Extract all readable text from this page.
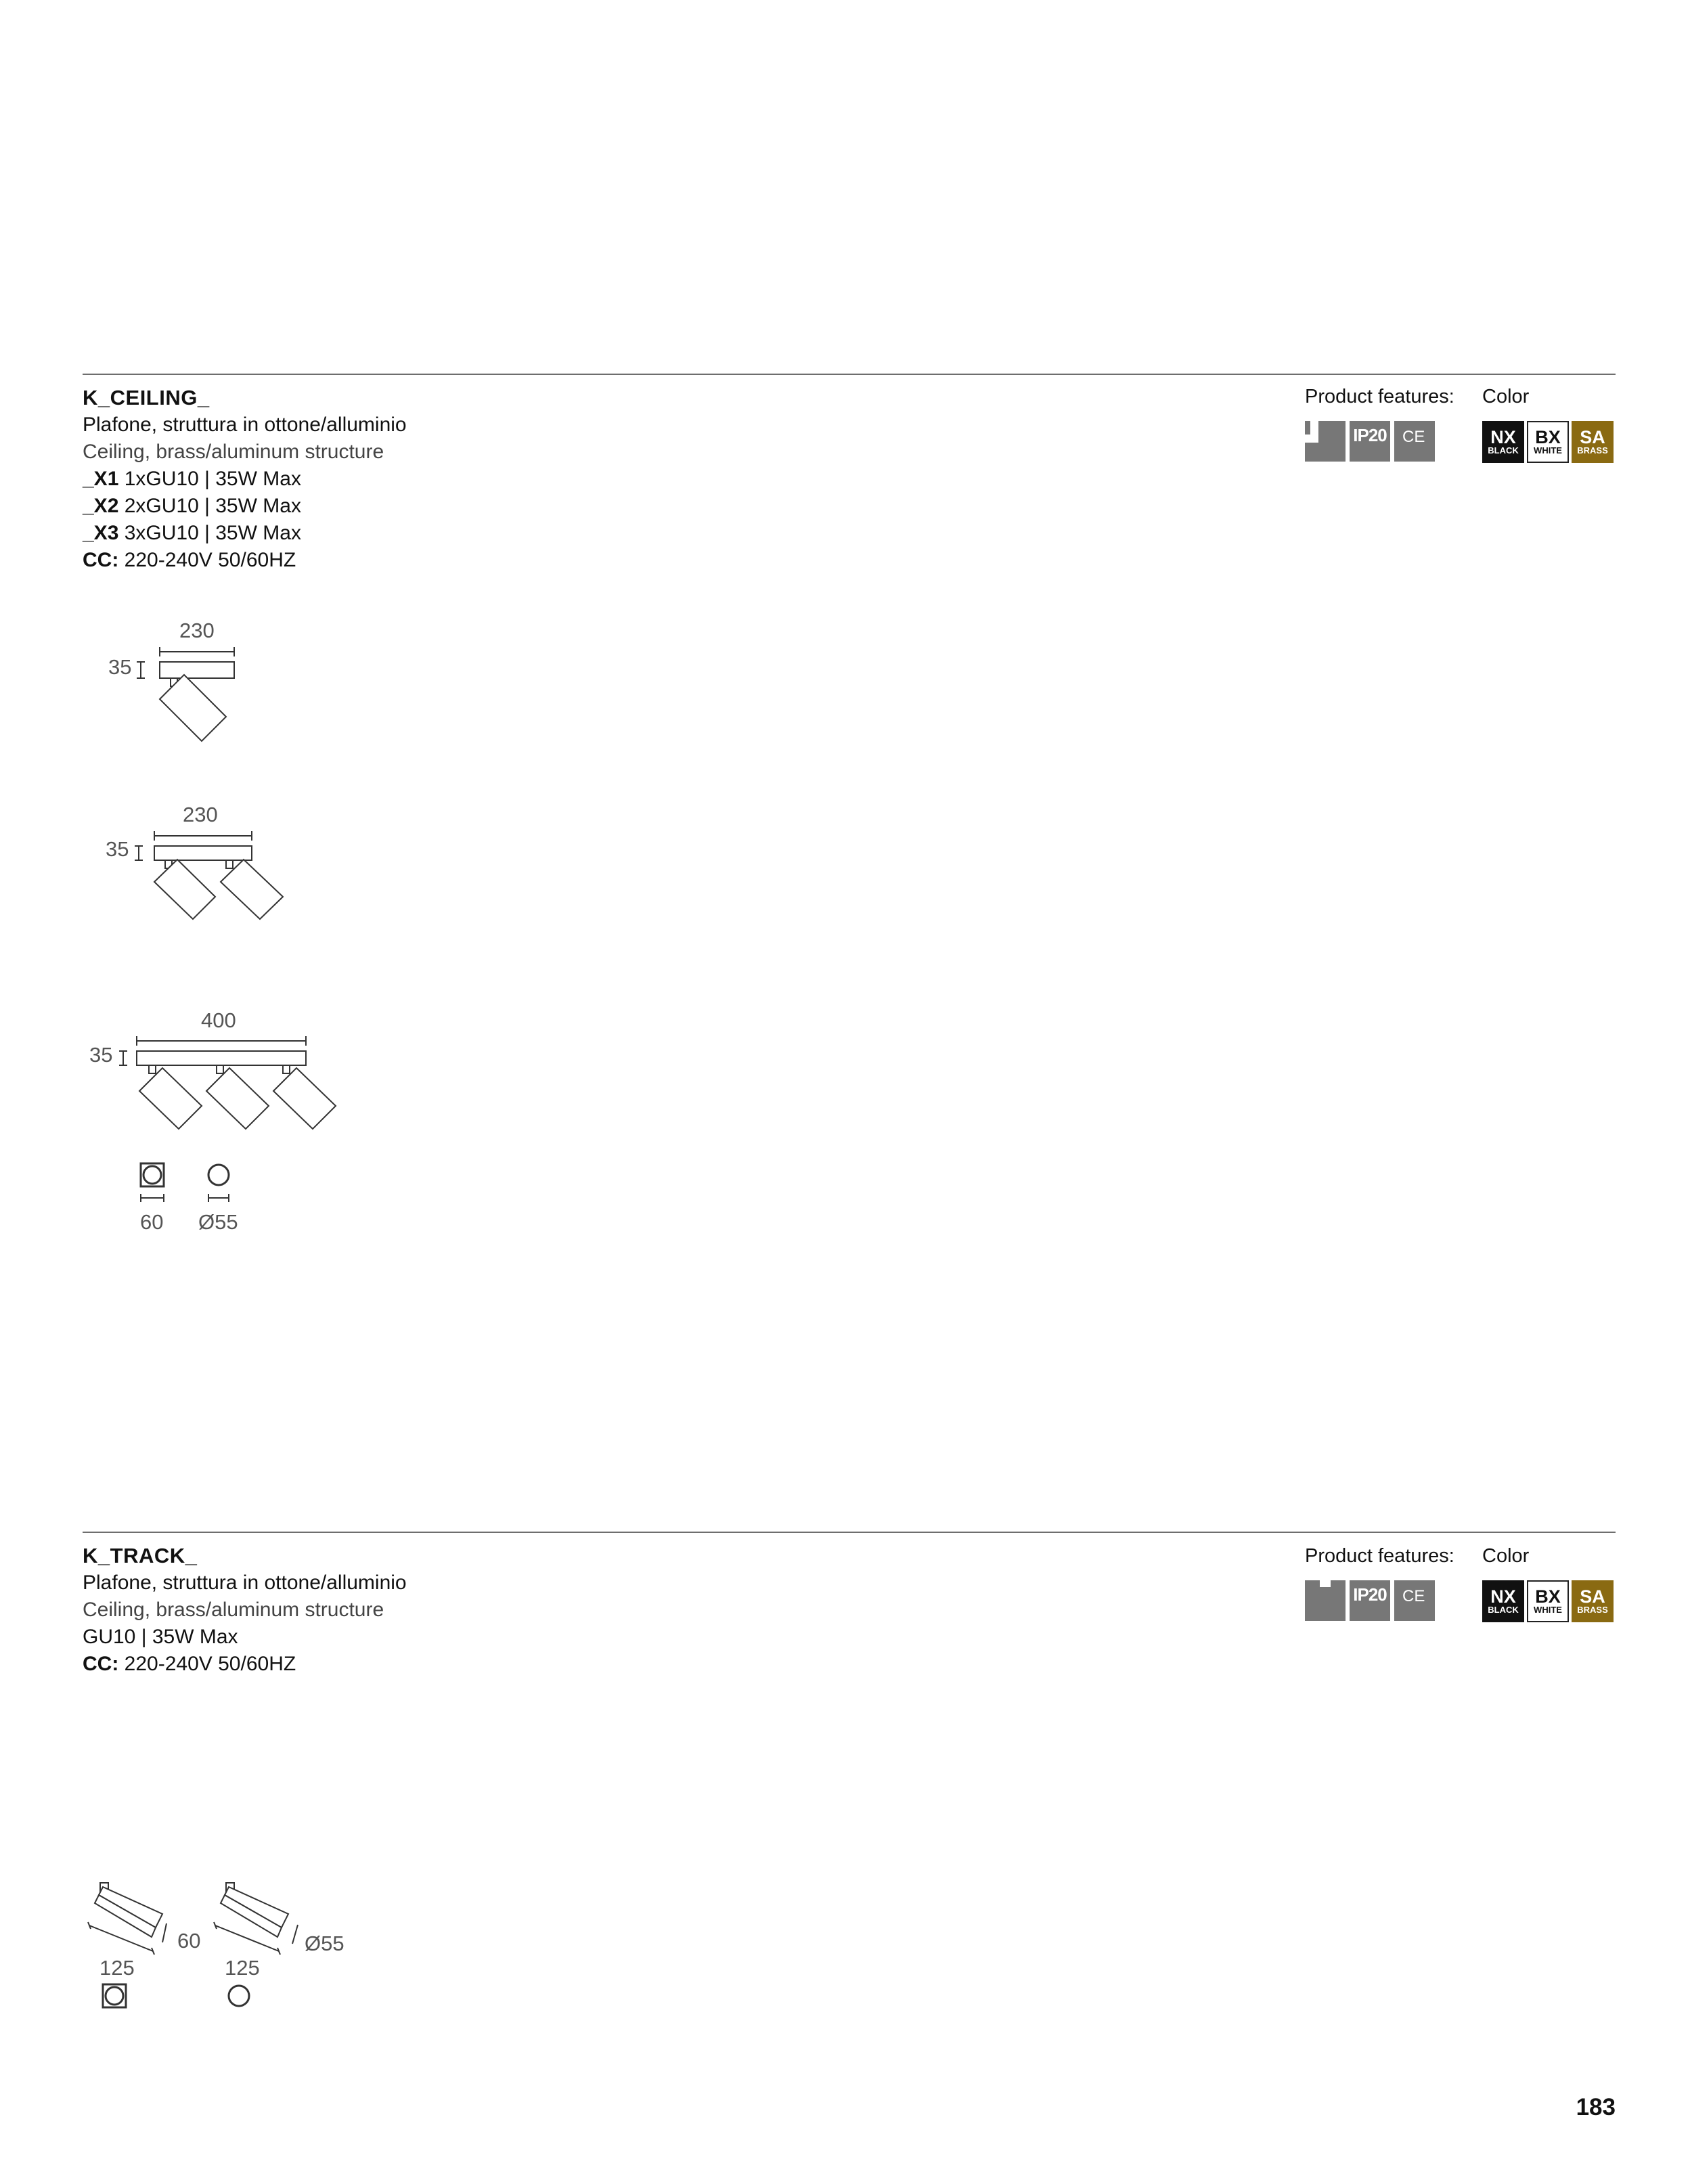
K_CEILING_
Plafone, struttura in ottone/alluminio
Ceiling, brass/aluminum structure
_X1 1xGU10 | 35W Max
_X2 2xGU10 | 35W Max
_X3 3xGU10 | 35W Max
CC: 220-240V 50/60HZ
Product features: Color
IP20 CE	NX
BLACK
BX
WHITE
SA
BRASS
230
35
230
35
400
35
60 Ø55
125
60
125
Ø55
K_TRACK_
Plafone, struttura in ottone/alluminio
Ceiling, brass/aluminum structure
GU10 | 35W Max
CC: 220-240V 50/60HZ
Product features: Color
IP20 CE	NX
BLACK
BX
WHITE
SA
BRASS
183
